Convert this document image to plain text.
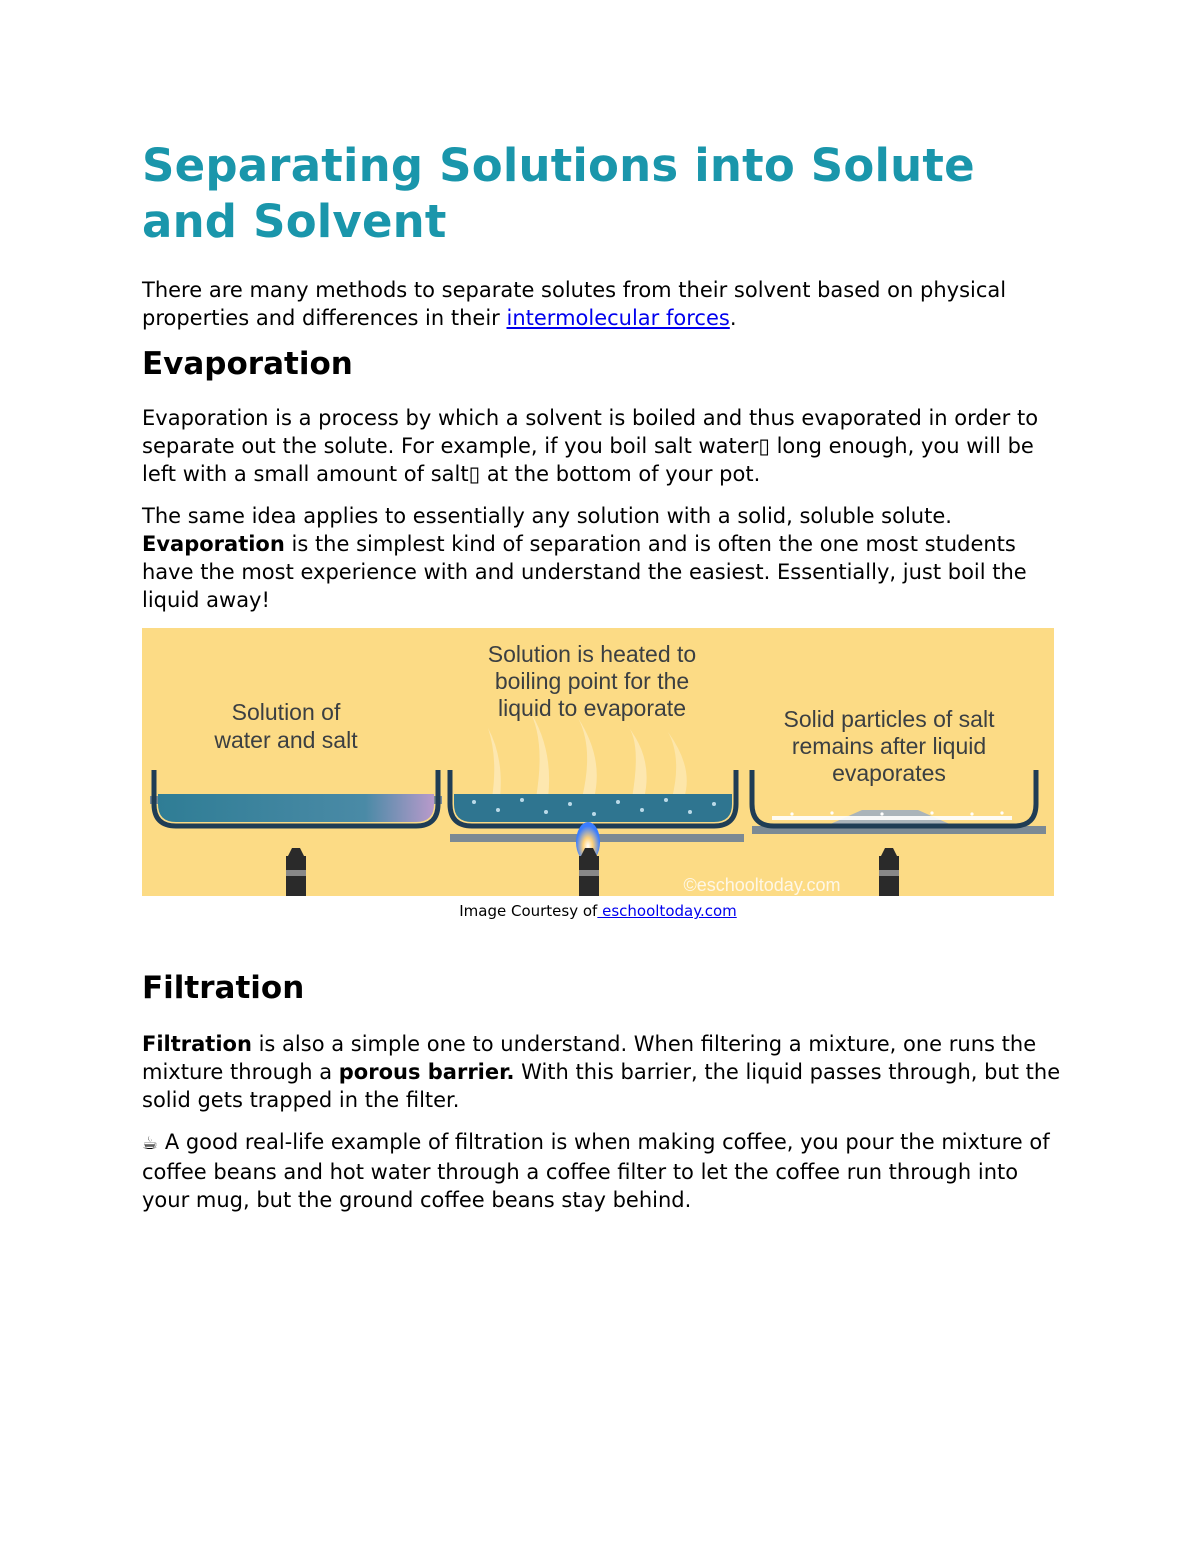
Separating Solutions into Solute and Solvent

There are many methods to separate solutes from their solvent based on physical properties and differences in their intermolecular forces.

Evaporation

Evaporation is a process by which a solvent is boiled and thus evaporated in order to separate out the solute. For example, if you boil salt water▯ long enough, you will be left with a small amount of salt▯ at the bottom of your pot.

The same idea applies to essentially any solution with a solid, soluble solute. Evaporation is the simplest kind of separation and is often the one most students have the most experience with and understand the easiest. Essentially, just boil the liquid away!

Solution of
water and salt
Solution is heated to
boiling point for the
liquid to evaporate	Solid particles of salt
remains after liquid
evaporates
©eschooltoday.com

Image Courtesy of eschooltoday.com

Filtration

Filtration is also a simple one to understand. When filtering a mixture, one runs the mixture through a porous barrier. With this barrier, the liquid passes through, but the solid gets trapped in the filter.

☕ A good real-life example of filtration is when making coffee, you pour the mixture of coffee beans and hot water through a coffee filter to let the coffee run through into your mug, but the ground coffee beans stay behind.
